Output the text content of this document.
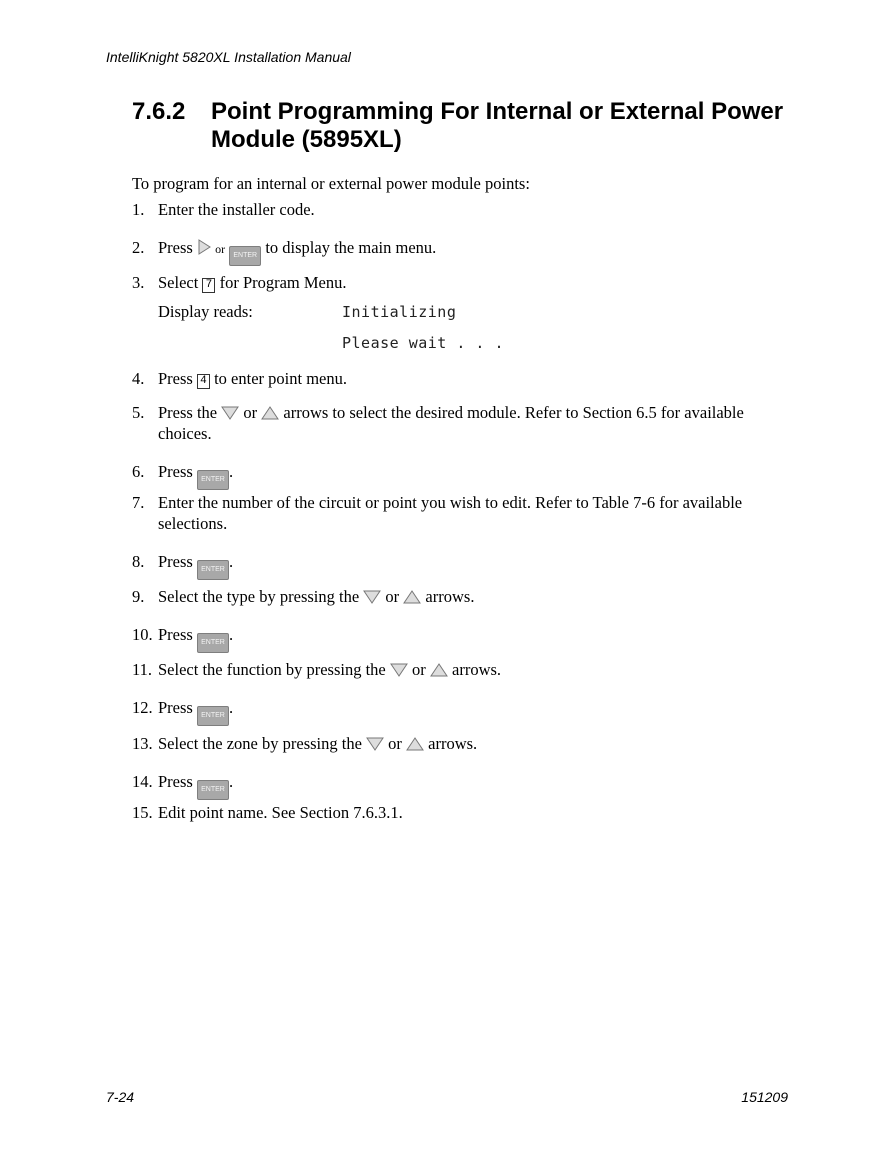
IntelliKnight 5820XL Installation Manual
7.6.2 Point Programming For Internal or External Power Module (5895XL)
To program for an internal or external power module points:
1. Enter the installer code.
2. Press or ENTER to display the main menu.
3. Select 7 for Program Menu.
Display reads:	Initializing
Please wait . . .
4. Press 4 to enter point menu.
5. Press the or arrows to select the desired module. Refer to Section 6.5 for available choices.
6. Press ENTER .
7. Enter the number of the circuit or point you wish to edit. Refer to Table 7-6 for available selections.
8. Press ENTER .
9. Select the type by pressing the or arrows.
10. Press ENTER .
11. Select the function by pressing the or arrows.
12. Press ENTER .
13. Select the zone by pressing the or arrows.
14. Press ENTER .
15. Edit point name. See Section 7.6.3.1.
7-24	151209
